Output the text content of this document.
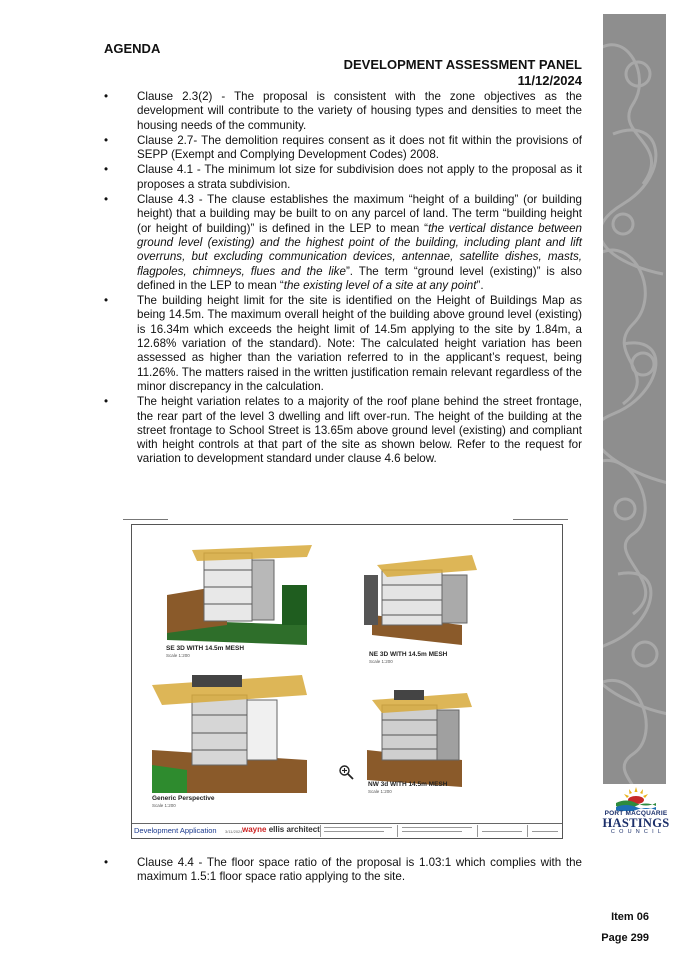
AGENDA
DEVELOPMENT ASSESSMENT PANEL
11/12/2024
• Clause 2.3(2) - The proposal is consistent with the zone objectives as the development will contribute to the variety of housing types and densities to meet the housing needs of the community.
• Clause 2.7- The demolition requires consent as it does not fit within the provisions of SEPP (Exempt and Complying Development Codes) 2008.
• Clause 4.1 - The minimum lot size for subdivision does not apply to the proposal as it proposes a strata subdivision.
• Clause 4.3 - The clause establishes the maximum “height of a building” (or building height) that a building may be built to on any parcel of land. The term “building height (or height of building)” is defined in the LEP to mean “the vertical distance between ground level (existing) and the highest point of the building, including plant and lift overruns, but excluding communication devices, antennae, satellite dishes, masts, flagpoles, chimneys, flues and the like”. The term “ground level (existing)” is also defined in the LEP to mean “the existing level of a site at any point”.
• The building height limit for the site is identified on the Height of Buildings Map as being 14.5m. The maximum overall height of the building above ground level (existing) is 16.34m which exceeds the height limit of 14.5m applying to the site by 1.84m, a 12.68% variation of the standard). Note: The calculated height variation has been assessed as higher than the variation referred to in the applicant’s request, being 11.26%. The matters raised in the written justification remain relevant regardless of the minor discrepancy in the calculation.
• The height variation relates to a majority of the roof plane behind the street frontage, the rear part of the level 3 dwelling and lift over-run. The height of the building at the street frontage to School Street is 13.65m above ground level (existing) and compliant with height controls at that part of the site as shown below. Refer to the request for variation to development standard under clause 4.6 below.
SE 3D WITH 14.5m MESH
Scale 1:200	NE 3D WITH 14.5m MESH
Scale 1:200
Generic Perspective
Scale 1:200
NW 3d WITH 14.5m MESH
Scale 1:200
Development Application 3/11/2024 wayne ellis architect
• Clause 4.4 - The floor space ratio of the proposal is 1.03:1 which complies with the maximum 1.5:1 floor space ratio applying to the site.
PORT MACQUARIE
HASTINGS
COUNCIL
Item 06
Page 299
